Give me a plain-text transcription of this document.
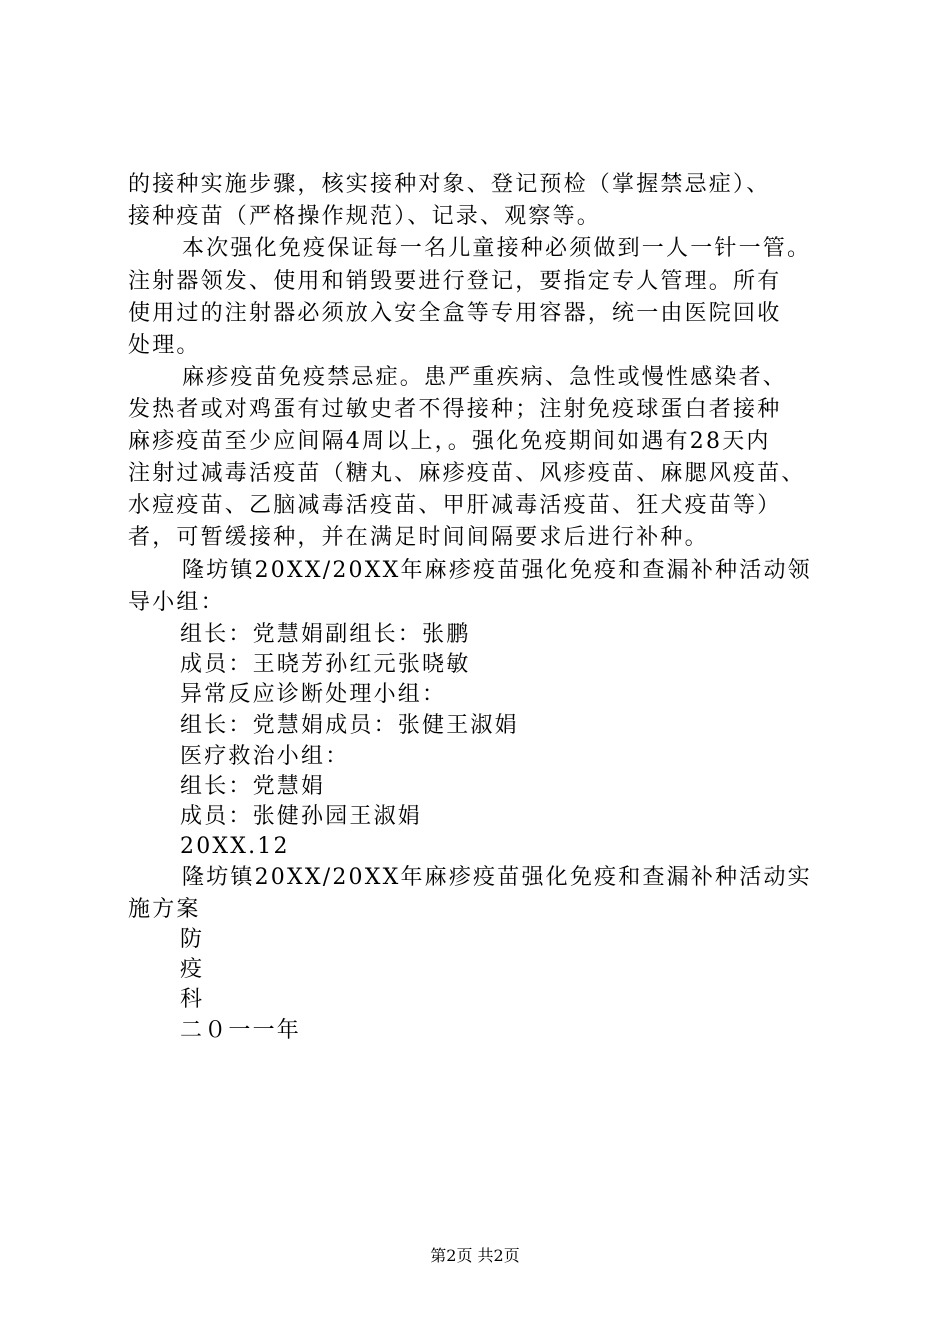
的接种实施步骤，核实接种对象、登记预检（掌握禁忌症）、
接种疫苗（严格操作规范）、记录、观察等。
本次强化免疫保证每一名儿童接种必须做到一人一针一管。
注射器领发、使用和销毁要进行登记，要指定专人管理。所有
使用过的注射器必须放入安全盒等专用容器，统一由医院回收
处理。
麻疹疫苗免疫禁忌症。患严重疾病、急性或慢性感染者、
发热者或对鸡蛋有过敏史者不得接种；注射免疫球蛋白者接种
麻疹疫苗至少应间隔4周以上，。强化免疫期间如遇有28天内
注射过减毒活疫苗（糖丸、麻疹疫苗、风疹疫苗、麻腮风疫苗、
水痘疫苗、乙脑减毒活疫苗、甲肝减毒活疫苗、狂犬疫苗等）
者，可暂缓接种，并在满足时间间隔要求后进行补种。
隆坊镇20XX/20XX年麻疹疫苗强化免疫和查漏补种活动领
导小组：
组长：党慧娟副组长：张鹏
成员：王晓芳孙红元张晓敏
异常反应诊断处理小组：
组长：党慧娟成员：张健王淑娟
医疗救治小组：
组长：党慧娟
成员：张健孙园王淑娟
20XX.12
隆坊镇20XX/20XX年麻疹疫苗强化免疫和查漏补种活动实
施方案
防
疫
科
二０一一年
第2页 共2页
